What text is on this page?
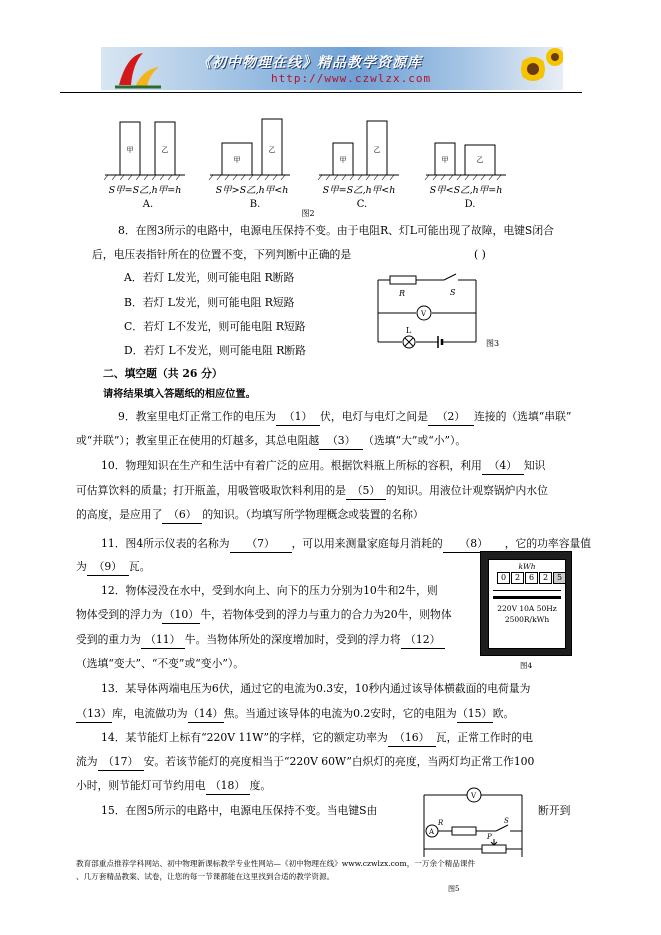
《初中物理在线》精品教学资源库
http://www.czwlzx.com
甲	乙
甲
乙
甲
乙
甲	乙
S甲=S乙,h甲=h	S甲>S乙,h甲<h	S甲=S乙,h甲<h	S甲<S乙,h甲=h
A.	B.	C.	D.
图2
8．在图3所示的电路中，电源电压保持不变。由于电阻R、灯L可能出现了故障，电键S闭合
后，电压表指针所在的位置不变，下列判断中正确的是	( )
A．若灯 L发光，则可能电阻 R断路
B．若灯 L发光，则可能电阻 R短路
C．若灯 L不发光，则可能电阻 R短路
D．若灯 L不发光，则可能电阻 R断路
R	S
V
L
图3
二、填空题（共 26 分）
请将结果填入答题纸的相应位置。
9．教室里电灯正常工作的电压为 （1） 伏，电灯与电灯之间是 （2） 连接的（选填“串联”
或“并联”）；教室里正在使用的灯越多，其总电阻越 （3） （选填“大”或“小”）。
10．物理知识在生产和生活中有着广泛的应用。根据饮料瓶上所标的容积，利用 （4） 知识
可估算饮料的质量；打开瓶盖，用吸管吸取饮料利用的是 （5） 的知识。用液位计观察锅炉内水位
的高度，是应用了 （6） 的知识。（均填写所学物理概念或装置的名称）
11．图4所示仪表的名称为 （7） ，可以用来测量家庭每月消耗的 （8） ，它的功率容量值
为 （9） 瓦。	kWh
0	2	6	2	5
220V 10A 50Hz
2500R/kWh
图4
12．物体浸没在水中，受到水向上、向下的压力分别为10牛和2牛，则
物体受到的浮力为（10）牛，若物体受到的浮力与重力的合力为20牛，则物体
受到的重力为 （11） 牛。当物体所处的深度增加时，受到的浮力将 （12）
（选填“变大”、“不变”或“变小”）。
13．某导体两端电压为6伏，通过它的电流为0.3安，10秒内通过该导体横截面的电荷量为
（13）库，电流做功为（14）焦。当通过该导体的电流为0.2安时，它的电阻为（15）欧。
14．某节能灯上标有“220V 11W”的字样，它的额定功率为 （16） 瓦，正常工作时的电
流为 （17） 安。若该节能灯的亮度相当于“220V 60W”白炽灯的亮度，当两灯均正常工作100
小时，则节能灯可节约用电 （18） 度。
15．在图5所示的电路中，电源电压保持不变。当电键S由	断开到
V
A
R	S
P
图5
教育部重点推荐学科网站、初中物理新课标教学专业性网站—《初中物理在线》www.czwlzx.com，一万余个精品课件
、几万套精品教案、试卷，让您的每一节课都能在这里找到合适的教学资源。
